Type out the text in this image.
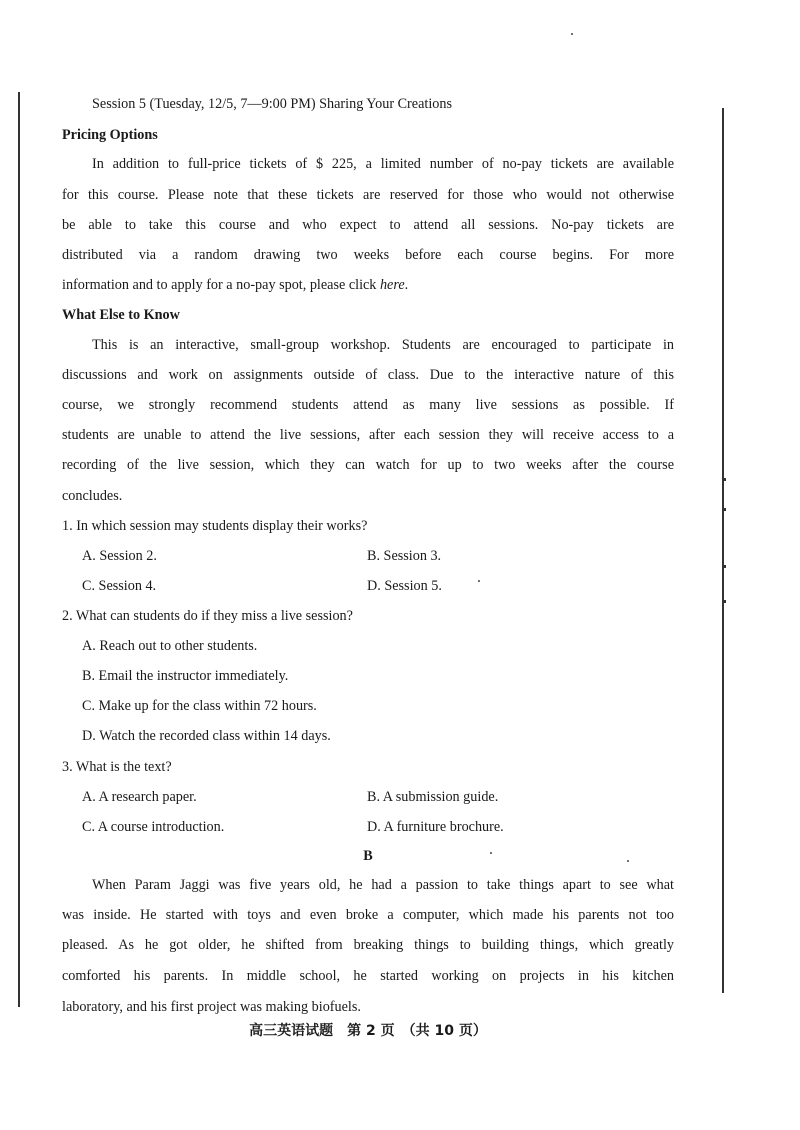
Session 5 (Tuesday, 12/5, 7—9:00 PM) Sharing Your Creations
Pricing Options
In addition to full-price tickets of $ 225, a limited number of no-pay tickets are available
for this course. Please note that these tickets are reserved for those who would not otherwise
be able to take this course and who expect to attend all sessions. No-pay tickets are
distributed via a random drawing two weeks before each course begins. For more
information and to apply for a no-pay spot, please click here.
What Else to Know
This is an interactive, small-group workshop. Students are encouraged to participate in
discussions and work on assignments outside of class. Due to the interactive nature of this
course, we strongly recommend students attend as many live sessions as possible. If
students are unable to attend the live sessions, after each session they will receive access to a
recording of the live session, which they can watch for up to two weeks after the course
concludes.
1. In which session may students display their works?
A. Session 2.	B. Session 3.
C. Session 4.	D. Session 5.
2. What can students do if they miss a live session?
A. Reach out to other students.
B. Email the instructor immediately.
C. Make up for the class within 72 hours.
D. Watch the recorded class within 14 days.
3. What is the text?
A. A research paper.	B. A submission guide.
C. A course introduction.	D. A furniture brochure.
B
When Param Jaggi was five years old, he had a passion to take things apart to see what
was inside. He started with toys and even broke a computer, which made his parents not too
pleased. As he got older, he shifted from breaking things to building things, which greatly
comforted his parents. In middle school, he started working on projects in his kitchen
laboratory, and his first project was making biofuels.
高三英语试题　第 2 页　（共 10 页）
